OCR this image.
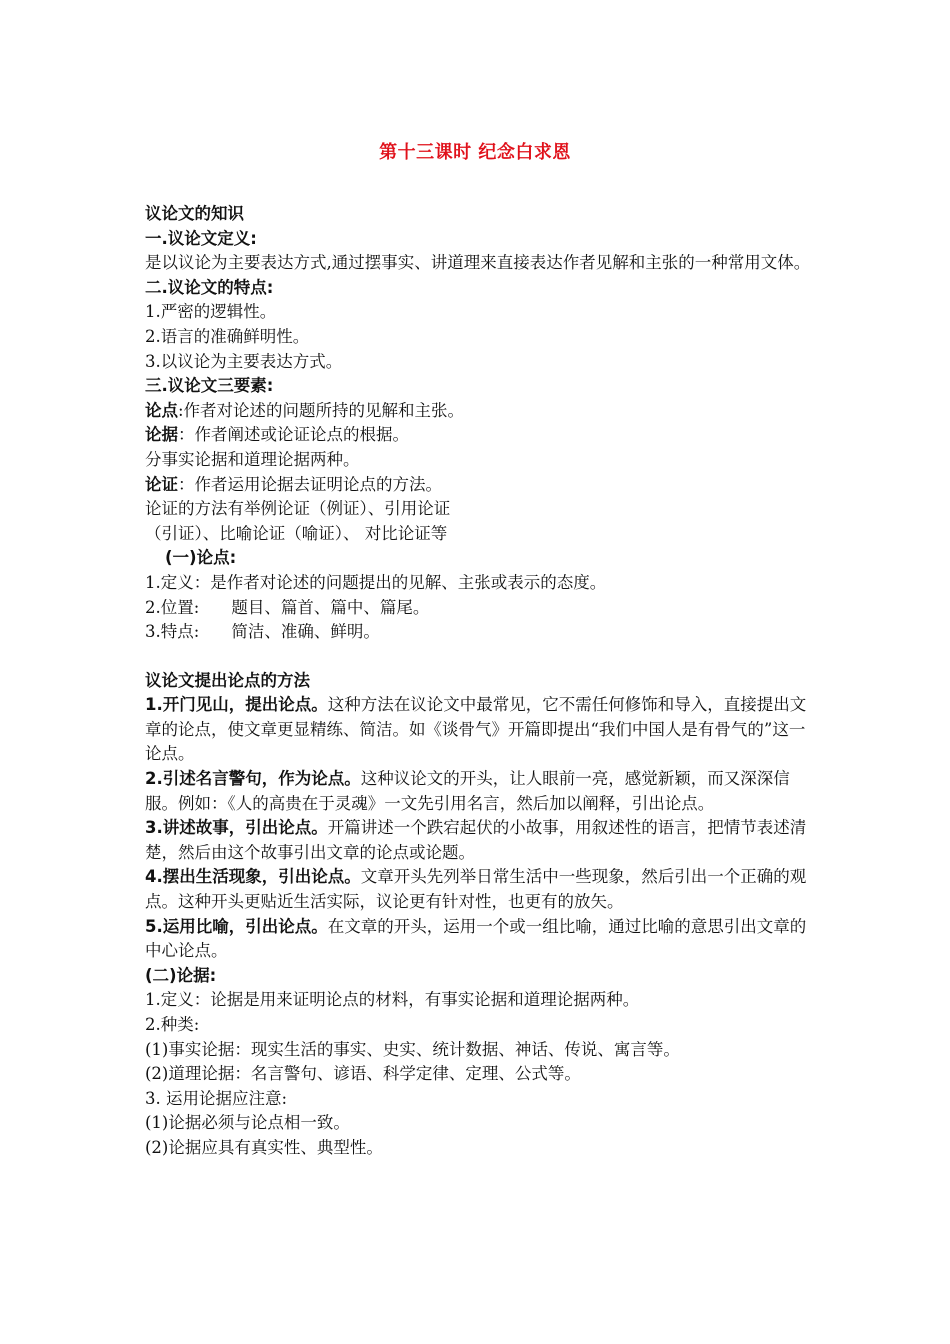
第十三课时 纪念白求恩
议论文的知识
一.议论文定义:
是以议论为主要表达方式,通过摆事实、讲道理来直接表达作者见解和主张的一种常用文体。
二.议论文的特点:
1.严密的逻辑性。
2.语言的准确鲜明性。
3.以议论为主要表达方式。
三.议论文三要素:
论点:作者对论述的问题所持的见解和主张。
论据：作者阐述或论证论点的根据。
分事实论据和道理论据两种。
论证：作者运用论据去证明论点的方法。
论证的方法有举例论证（例证）、引用论证
（引证）、比喻论证（喻证）、 对比论证等
(一)论点:
1.定义：是作者对论述的问题提出的见解、主张或表示的态度。
2.位置: 题目、篇首、篇中、篇尾。
3.特点: 简洁、准确、鲜明。
议论文提出论点的方法
1.开门见山，提出论点。这种方法在议论文中最常见，它不需任何修饰和导入，直接提出文章的论点，使文章更显精练、简洁。如《谈骨气》开篇即提出“我们中国人是有骨气的”这一论点。
2.引述名言警句，作为论点。这种议论文的开头，让人眼前一亮，感觉新颖，而又深深信服。例如：《人的高贵在于灵魂》一文先引用名言，然后加以阐释，引出论点。
3.讲述故事，引出论点。开篇讲述一个跌宕起伏的小故事，用叙述性的语言，把情节表述清楚，然后由这个故事引出文章的论点或论题。
4.摆出生活现象，引出论点。文章开头先列举日常生活中一些现象，然后引出一个正确的观点。这种开头更贴近生活实际，议论更有针对性，也更有的放矢。
5.运用比喻，引出论点。在文章的开头，运用一个或一组比喻，通过比喻的意思引出文章的中心论点。
(二)论据:
1.定义：论据是用来证明论点的材料，有事实论据和道理论据两种。
2.种类:
(1)事实论据：现实生活的事实、史实、统计数据、神话、传说、寓言等。
(2)道理论据：名言警句、谚语、科学定律、定理、公式等。
3. 运用论据应注意:
(1)论据必须与论点相一致。
(2)论据应具有真实性、典型性。
